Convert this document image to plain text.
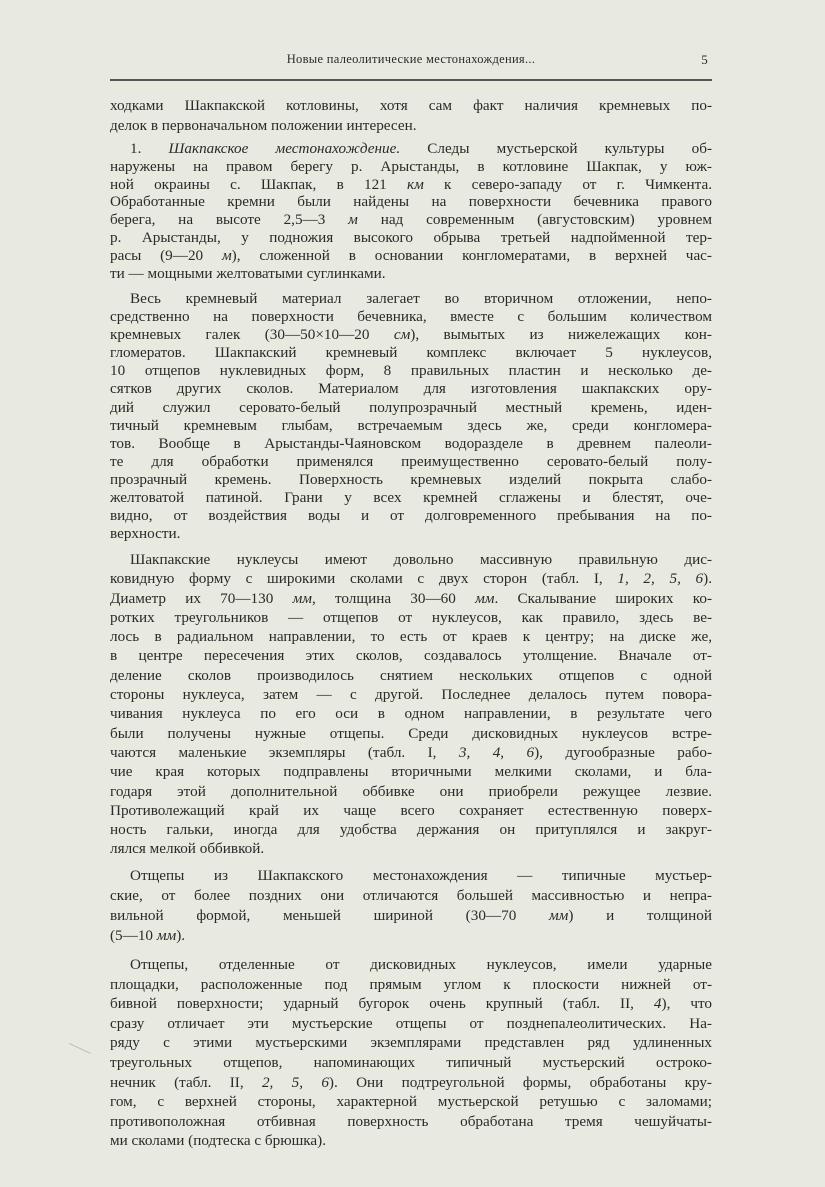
Новые палеолитические местонахождения...	5
ходками Шакпакской котловины, хотя сам факт наличия кремневых по-
делок в первоначальном положении интересен.
1. Шакпакское местонахождение. Следы мустьерской культуры об-
наружены на правом берегу р. Арыстанды, в котловине Шакпак, у юж-
ной окраины с. Шакпак, в 121 км к северо-западу от г. Чимкента.
Обработанные кремни были найдены на поверхности бечевника правого
берега, на высоте 2,5—3 м над современным (августовским) уровнем
р. Арыстанды, у подножия высокого обрыва третьей надпойменной тер-
расы (9—20 м), сложенной в основании конгломератами, в верхней час-
ти — мощными желтоватыми суглинками.
Весь кремневый материал залегает во вторичном отложении, непо-
средственно на поверхности бечевника, вместе с большим количеством
кремневых галек (30—50×10—20 см), вымытых из нижележащих кон-
гломератов. Шакпакский кремневый комплекс включает 5 нуклеусов,
10 отщепов нуклевидных форм, 8 правильных пластин и несколько де-
сятков других сколов. Материалом для изготовления шакпакских ору-
дий служил серовато-белый полупрозрачный местный кремень, иден-
тичный кремневым глыбам, встречаемым здесь же, среди конгломера-
тов. Вообще в Арыстанды-Чаяновском водоразделе в древнем палеоли-
те для обработки применялся преимущественно серовато-белый полу-
прозрачный кремень. Поверхность кремневых изделий покрыта слабо-
желтоватой патиной. Грани у всех кремней сглажены и блестят, оче-
видно, от воздействия воды и от долговременного пребывания на по-
верхности.
Шакпакские нуклеусы имеют довольно массивную правильную дис-
ковидную форму с широкими сколами с двух сторон (табл. I, 1, 2, 5, 6).
Диаметр их 70—130 мм, толщина 30—60 мм. Скалывание широких ко-
ротких треугольников — отщепов от нуклеусов, как правило, здесь ве-
лось в радиальном направлении, то есть от краев к центру; на диске же,
в центре пересечения этих сколов, создавалось утолщение. Вначале от-
деление сколов производилось снятием нескольких отщепов с одной
стороны нуклеуса, затем — с другой. Последнее делалось путем повора-
чивания нуклеуса по его оси в одном направлении, в результате чего
были получены нужные отщепы. Среди дисковидных нуклеусов встре-
чаются маленькие экземпляры (табл. I, 3, 4, 6), дугообразные рабо-
чие края которых подправлены вторичными мелкими сколами, и бла-
годаря этой дополнительной оббивке они приобрели режущее лезвие.
Противолежащий край их чаще всего сохраняет естественную поверх-
ность гальки, иногда для удобства держания он притуплялся и закруг-
лялся мелкой оббивкой.
Отщепы из Шакпакского местонахождения — типичные мустьер-
ские, от более поздних они отличаются большей массивностью и непра-
вильной формой, меньшей шириной (30—70 мм) и толщиной
(5—10 мм).
Отщепы, отделенные от дисковидных нуклеусов, имели ударные
площадки, расположенные под прямым углом к плоскости нижней от-
бивной поверхности; ударный бугорок очень крупный (табл. II, 4), что
сразу отличает эти мустьерские отщепы от позднепалеолитических. На-
ряду с этими мустьерскими экземплярами представлен ряд удлиненных
треугольных отщепов, напоминающих типичный мустьерский остроко-
нечник (табл. II, 2, 5, 6). Они подтреугольной формы, обработаны кру-
гом, с верхней стороны, характерной мустьерской ретушью с заломами;
противоположная отбивная поверхность обработана тремя чешуйчаты-
ми сколами (подтеска с брюшка).
